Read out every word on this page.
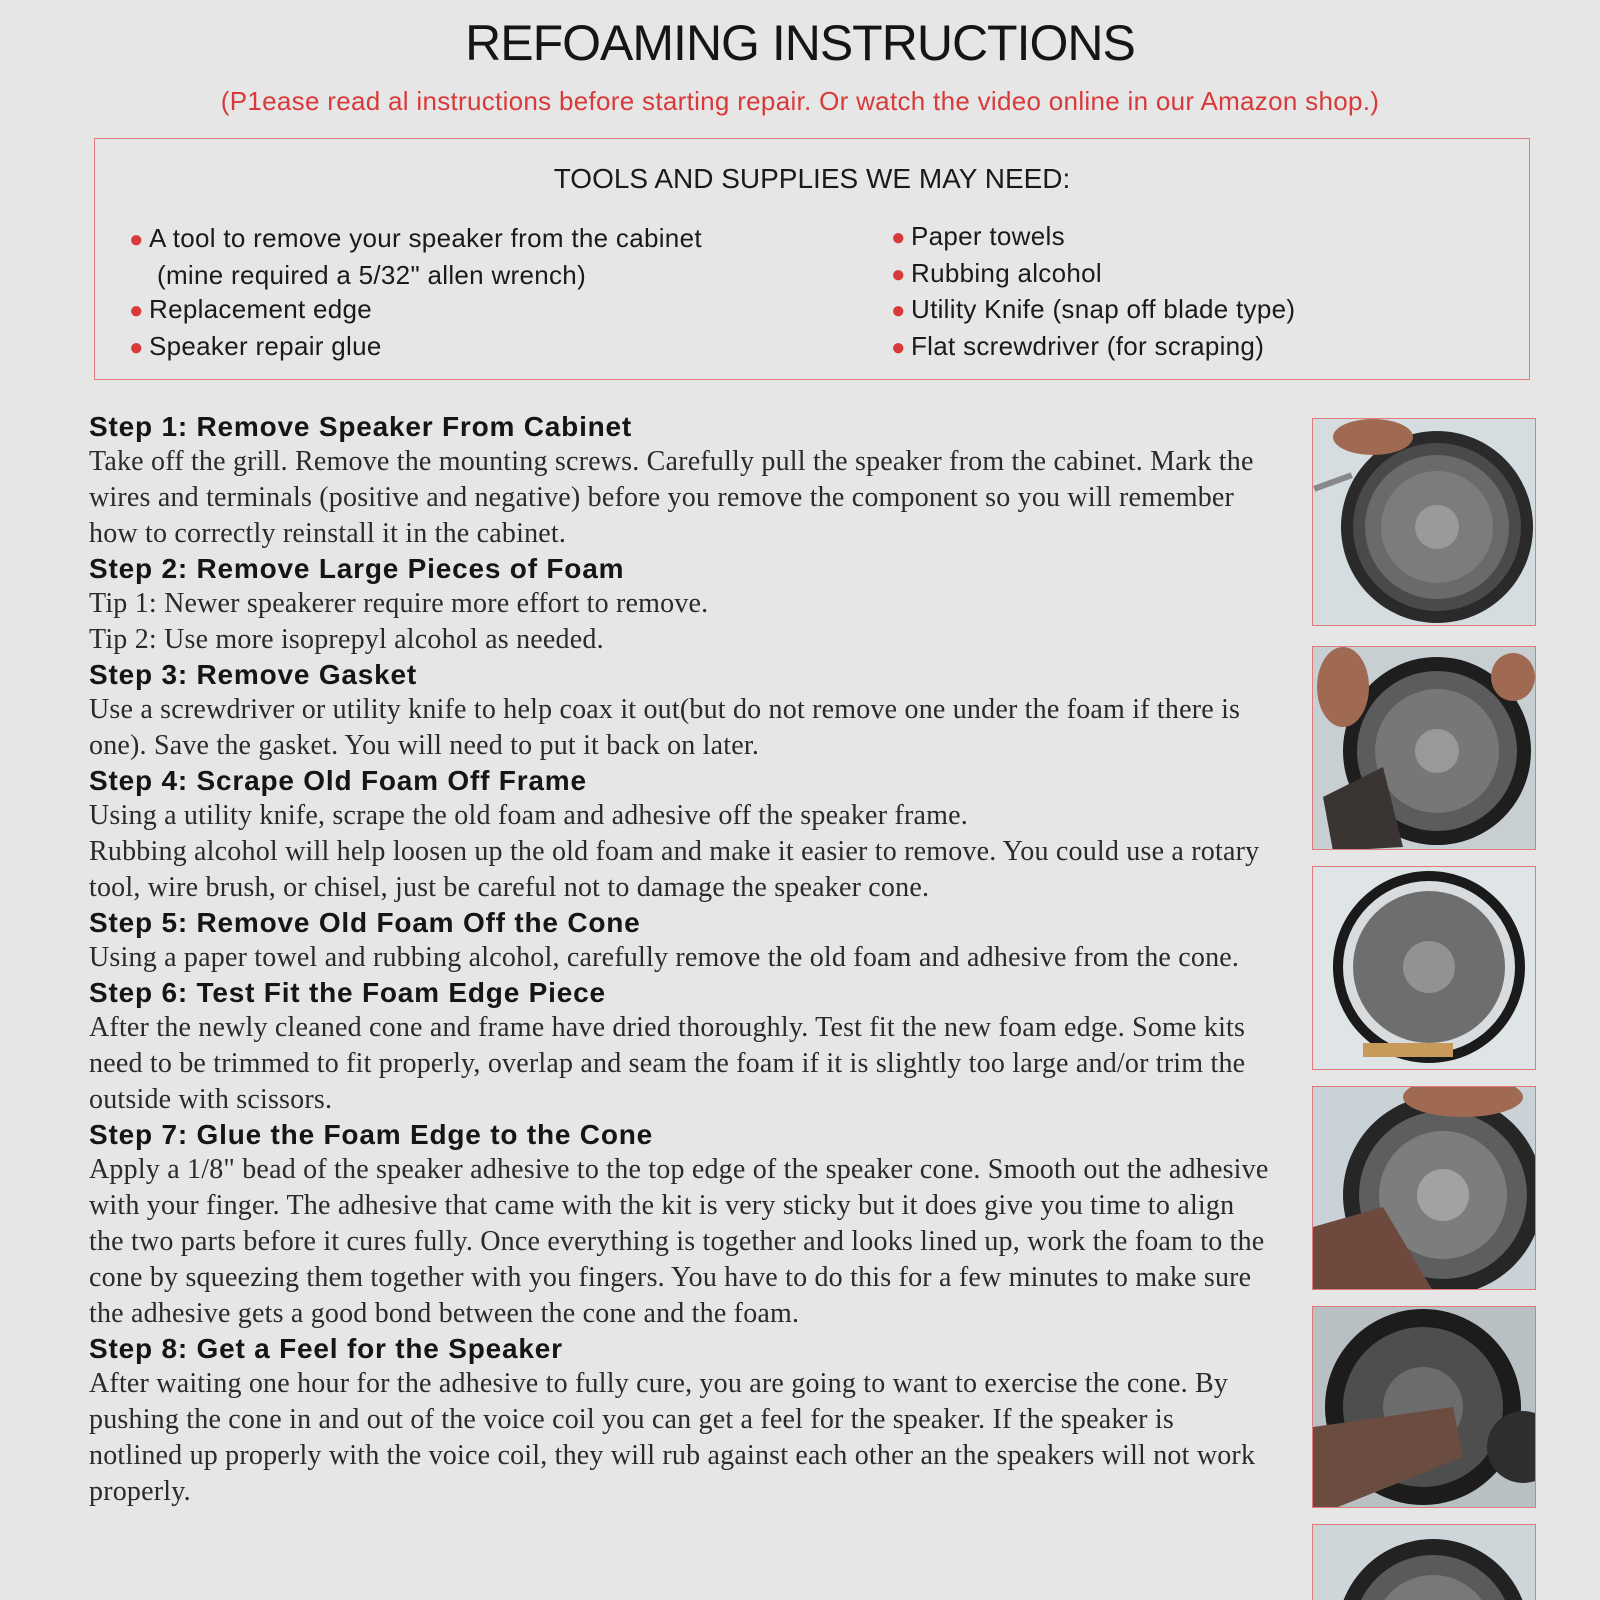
REFOAMING INSTRUCTIONS
(P1ease read al instructions before starting repair. Or watch the video online in our Amazon shop.)
TOOLS AND SUPPLIES WE MAY NEED:
● A tool to remove your speaker from the cabinet
(mine required a 5/32" allen wrench)
● Replacement edge
● Speaker repair glue
● Paper towels
● Rubbing alcohol
● Utility Knife (snap off blade type)
● Flat screwdriver (for scraping)

Step 1: Remove Speaker From Cabinet

Take off the grill. Remove the mounting screws. Carefully pull the speaker from the cabinet. Mark the wires and terminals (positive and negative) before you remove the component so you will remember how to correctly reinstall it in the cabinet.

Step 2: Remove Large Pieces of Foam

Tip 1: Newer speakerer require more effort to remove.

Tip 2: Use more isoprepyl alcohol as needed.

Step 3: Remove Gasket

Use a screwdriver or utility knife to help coax it out(but do not remove one under the foam if there is one). Save the gasket. You will need to put it back on later.

Step 4: Scrape Old Foam Off Frame

Using a utility knife, scrape the old foam and adhesive off the speaker frame.

Rubbing alcohol will help loosen up the old foam and make it easier to remove. You could use a rotary tool, wire brush, or chisel, just be careful not to damage the speaker cone.

Step 5: Remove Old Foam Off the Cone

Using a paper towel and rubbing alcohol, carefully remove the old foam and adhesive from the cone.

Step 6: Test Fit the Foam Edge Piece

After the newly cleaned cone and frame have dried thoroughly. Test fit the new foam edge. Some kits need to be trimmed to fit properly, overlap and seam the foam if it is slightly too large and/or trim the outside with scissors.

Step 7: Glue the Foam Edge to the Cone

Apply a 1/8" bead of the speaker adhesive to the top edge of the speaker cone. Smooth out the adhesive with your finger. The adhesive that came with the kit is very sticky but it does give you time to align the two parts before it cures fully. Once everything is together and looks lined up, work the foam to the cone by squeezing them together with you fingers. You have to do this for a few minutes to make sure the adhesive gets a good bond between the cone and the foam.

Step 8: Get a Feel for the Speaker

After waiting one hour for the adhesive to fully cure, you are going to want to exercise the cone. By pushing the cone in and out of the voice coil you can get a feel for the speaker. If the speaker is notlined up properly with the voice coil, they will rub against each other an the speakers will not work properly.
